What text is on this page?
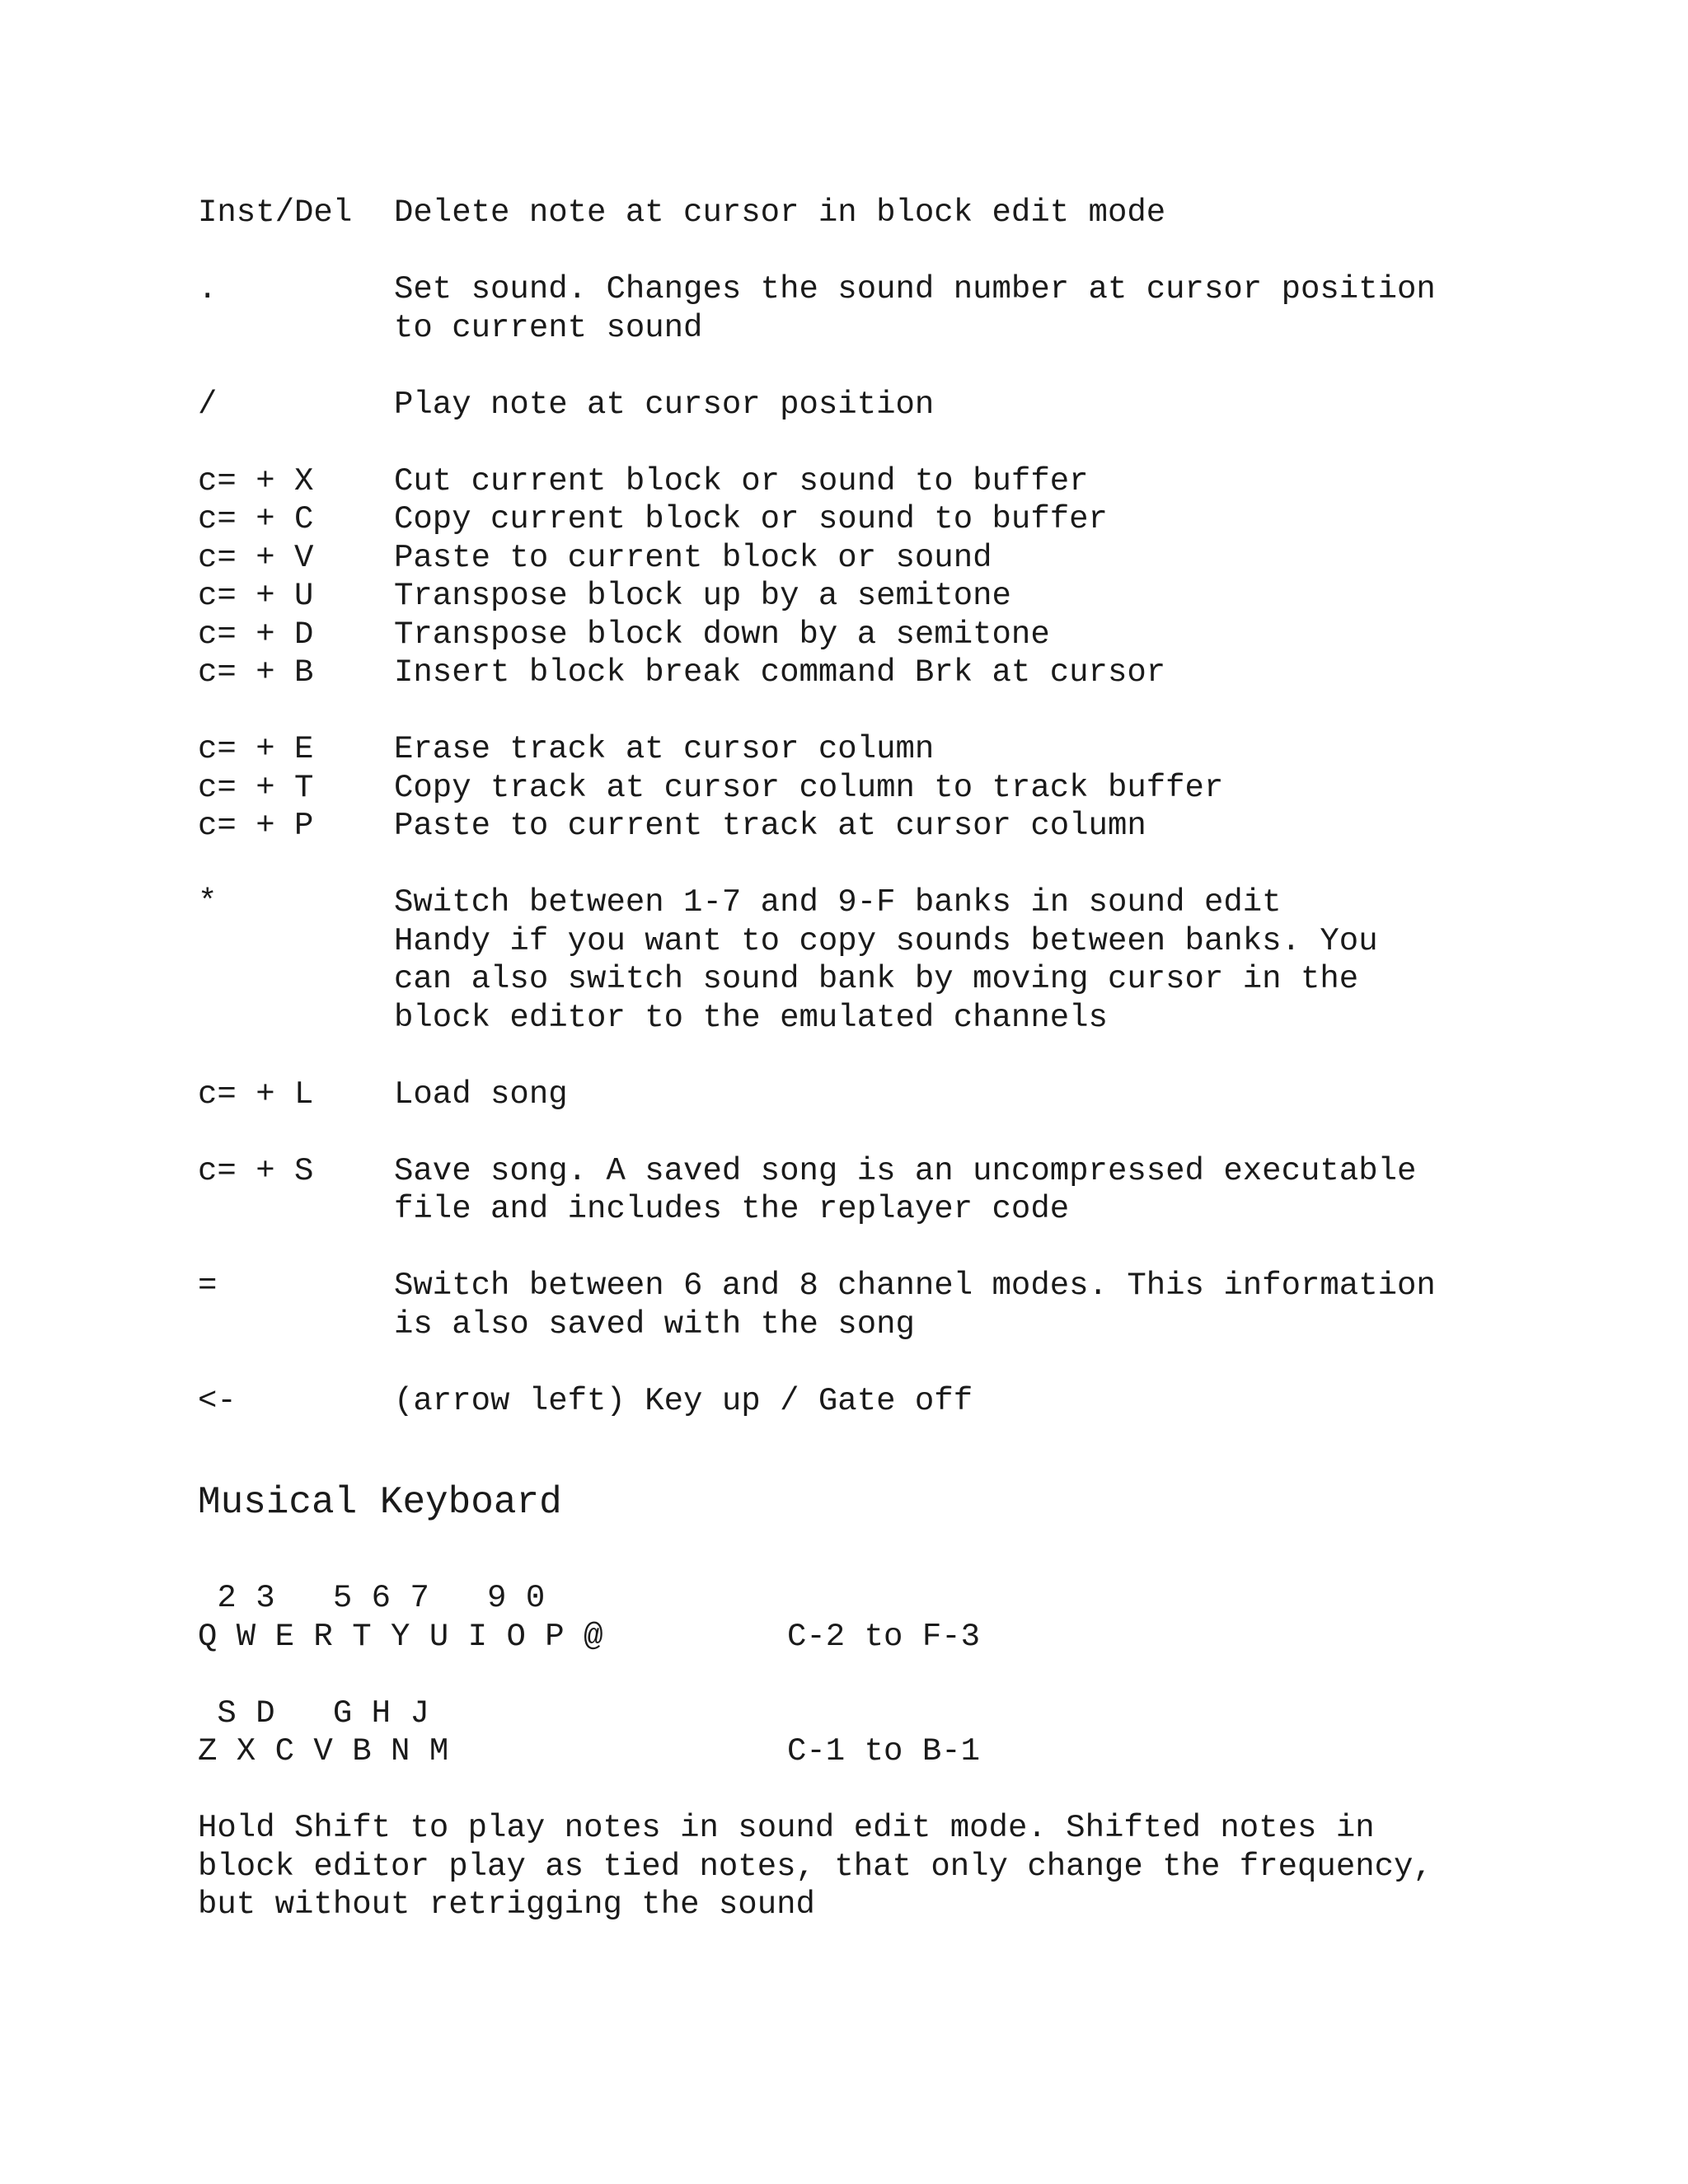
Inst/Del	Delete note at cursor in block edit mode
.	Set sound. Changes the sound number at cursor position
to current sound
/	Play note at cursor position
c= + X	Cut current block or sound to buffer
c= + C	Copy current block or sound to buffer
c= + V	Paste to current block or sound
c= + U	Transpose block up by a semitone
c= + D	Transpose block down by a semitone
c= + B	Insert block break command Brk at cursor
c= + E	Erase track at cursor column
c= + T	Copy track at cursor column to track buffer
c= + P	Paste to current track at cursor column
*	Switch between 1-7 and 9-F banks in sound edit
Handy if you want to copy sounds between banks. You
can also switch sound bank by moving cursor in the
block editor to the emulated channels
c= + L	Load song
c= + S	Save song. A saved song is an uncompressed executable
file and includes the replayer code
=	Switch between 6 and 8 channel modes. This information
is also saved with the song
<-	(arrow left) Key up / Gate off
Musical Keyboard
2 3   5 6 7   9 0
Q W E R T Y U I O P @	C-2 to F-3
S D   G H J
Z X C V B N M	C-1 to B-1
Hold Shift to play notes in sound edit mode. Shifted notes in
block editor play as tied notes, that only change the frequency,
but without retrigging the sound
